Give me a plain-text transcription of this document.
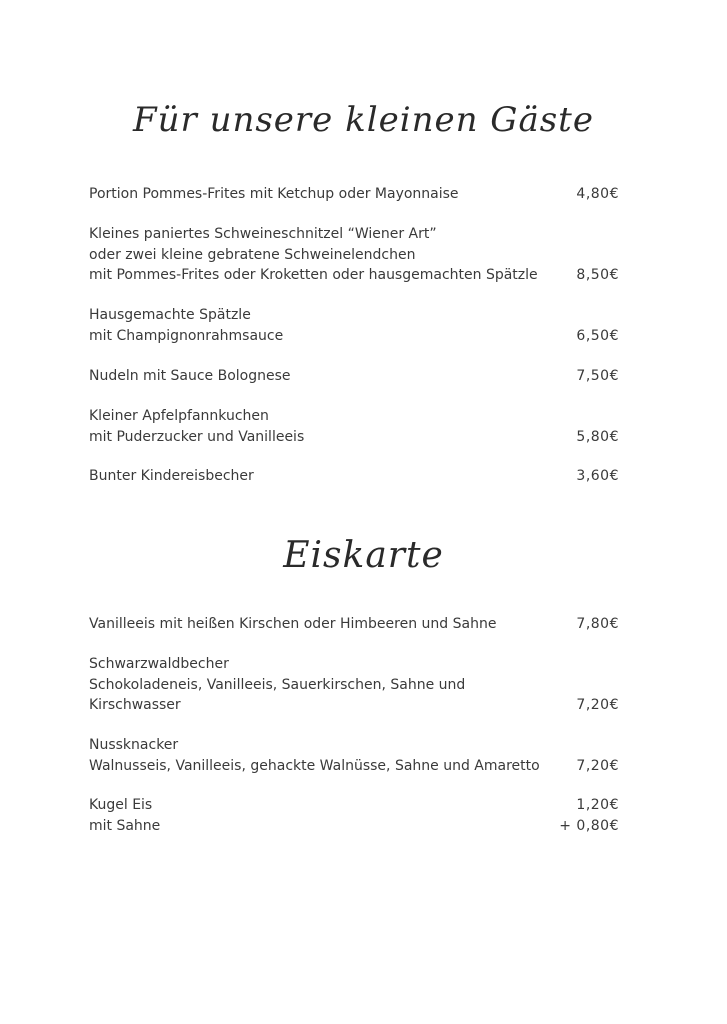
Für unsere kleinen Gäste
Portion Pommes-Frites mit Ketchup oder Mayonnaise	4,80€
Kleines paniertes Schweineschnitzel “Wiener Art”
oder zwei kleine gebratene Schweinelendchen
mit Pommes-Frites oder Kroketten oder hausgemachten Spätzle	8,50€
Hausgemachte Spätzle
mit Champignonrahmsauce	6,50€
Nudeln mit Sauce Bolognese	7,50€
Kleiner Apfelpfannkuchen
mit Puderzucker und Vanilleeis	5,80€
Bunter Kindereisbecher	3,60€
Eiskarte
Vanilleeis mit heißen Kirschen oder Himbeeren und Sahne	7,80€
Schwarzwaldbecher
Schokoladeneis, Vanilleeis, Sauerkirschen, Sahne und
Kirschwasser	7,20€
Nussknacker
Walnusseis, Vanilleeis, gehackte Walnüsse, Sahne und Amaretto	7,20€
Kugel Eis	1,20€
mit Sahne	+ 0,80€
